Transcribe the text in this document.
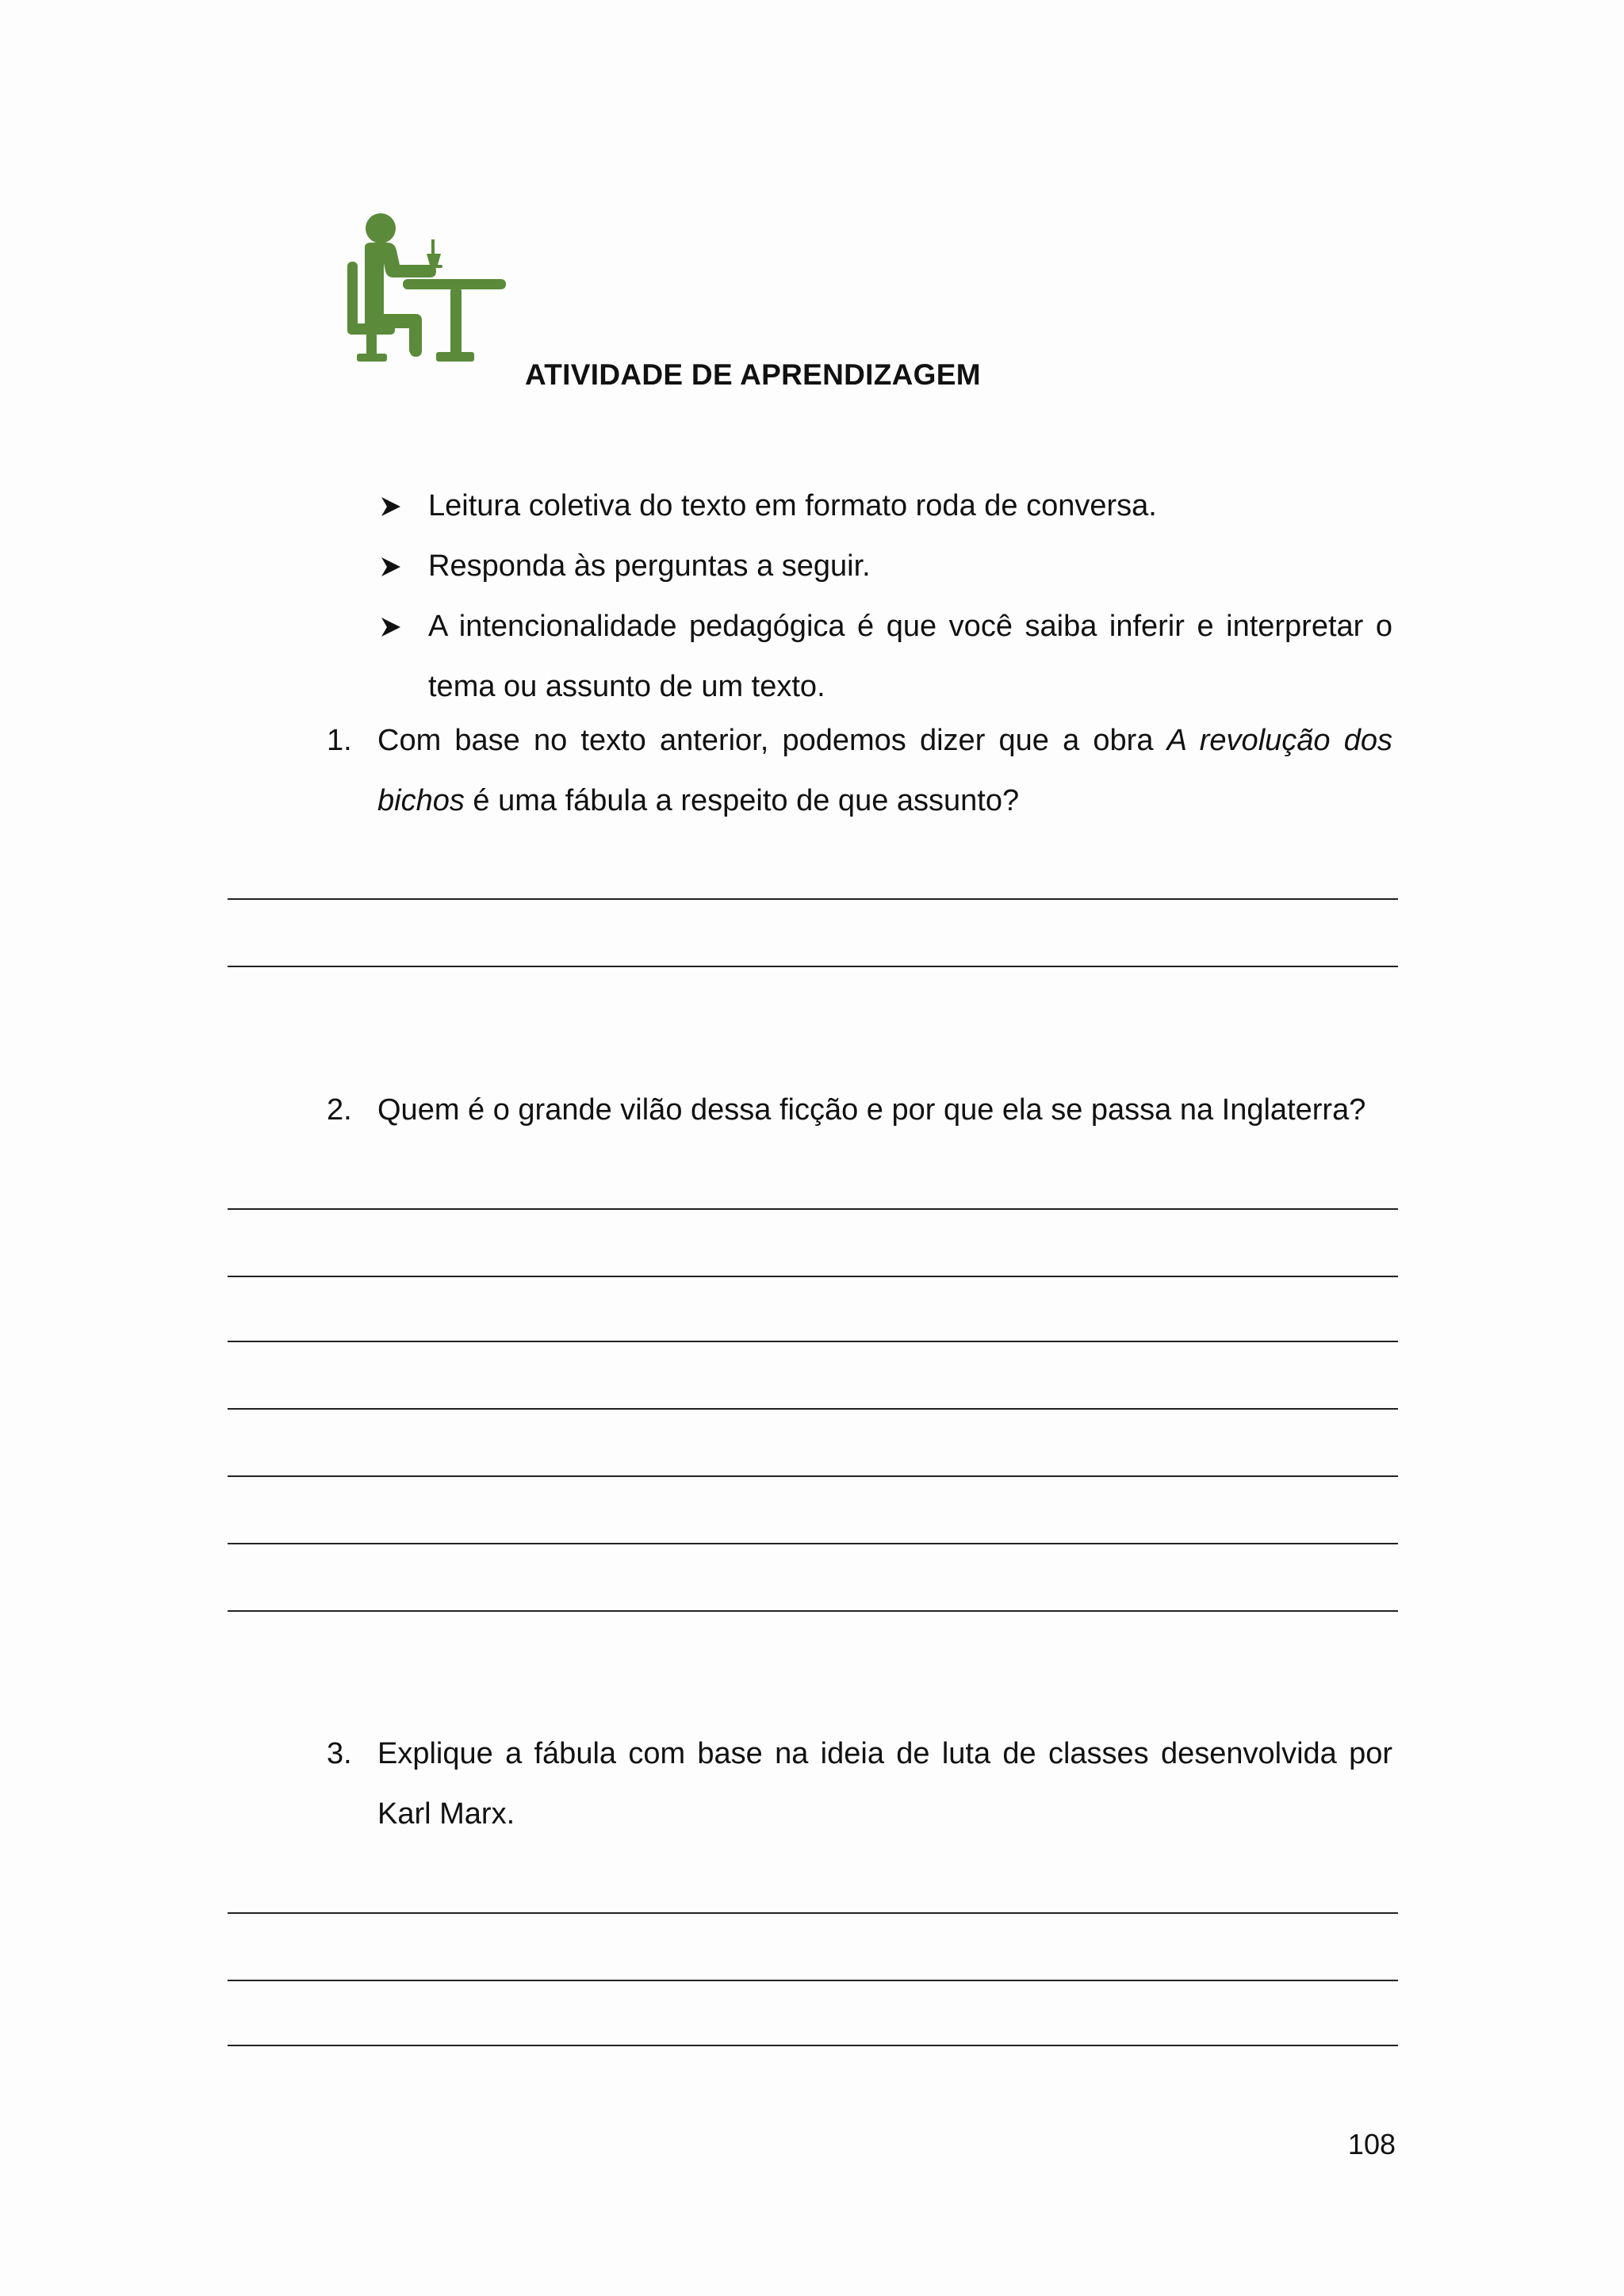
ATIVIDADE DE APRENDIZAGEM
Leitura coletiva do texto em formato roda de conversa.
Responda às perguntas a seguir.
A intencionalidade pedagógica é que você saiba inferir e interpretar o tema ou assunto de um texto.
1. Com base no texto anterior, podemos dizer que a obra A revolução dos bichos é uma fábula a respeito de que assunto?
2. Quem é o grande vilão dessa ficção e por que ela se passa na Inglaterra?
3. Explique a fábula com base na ideia de luta de classes desenvolvida por Karl Marx.
108
